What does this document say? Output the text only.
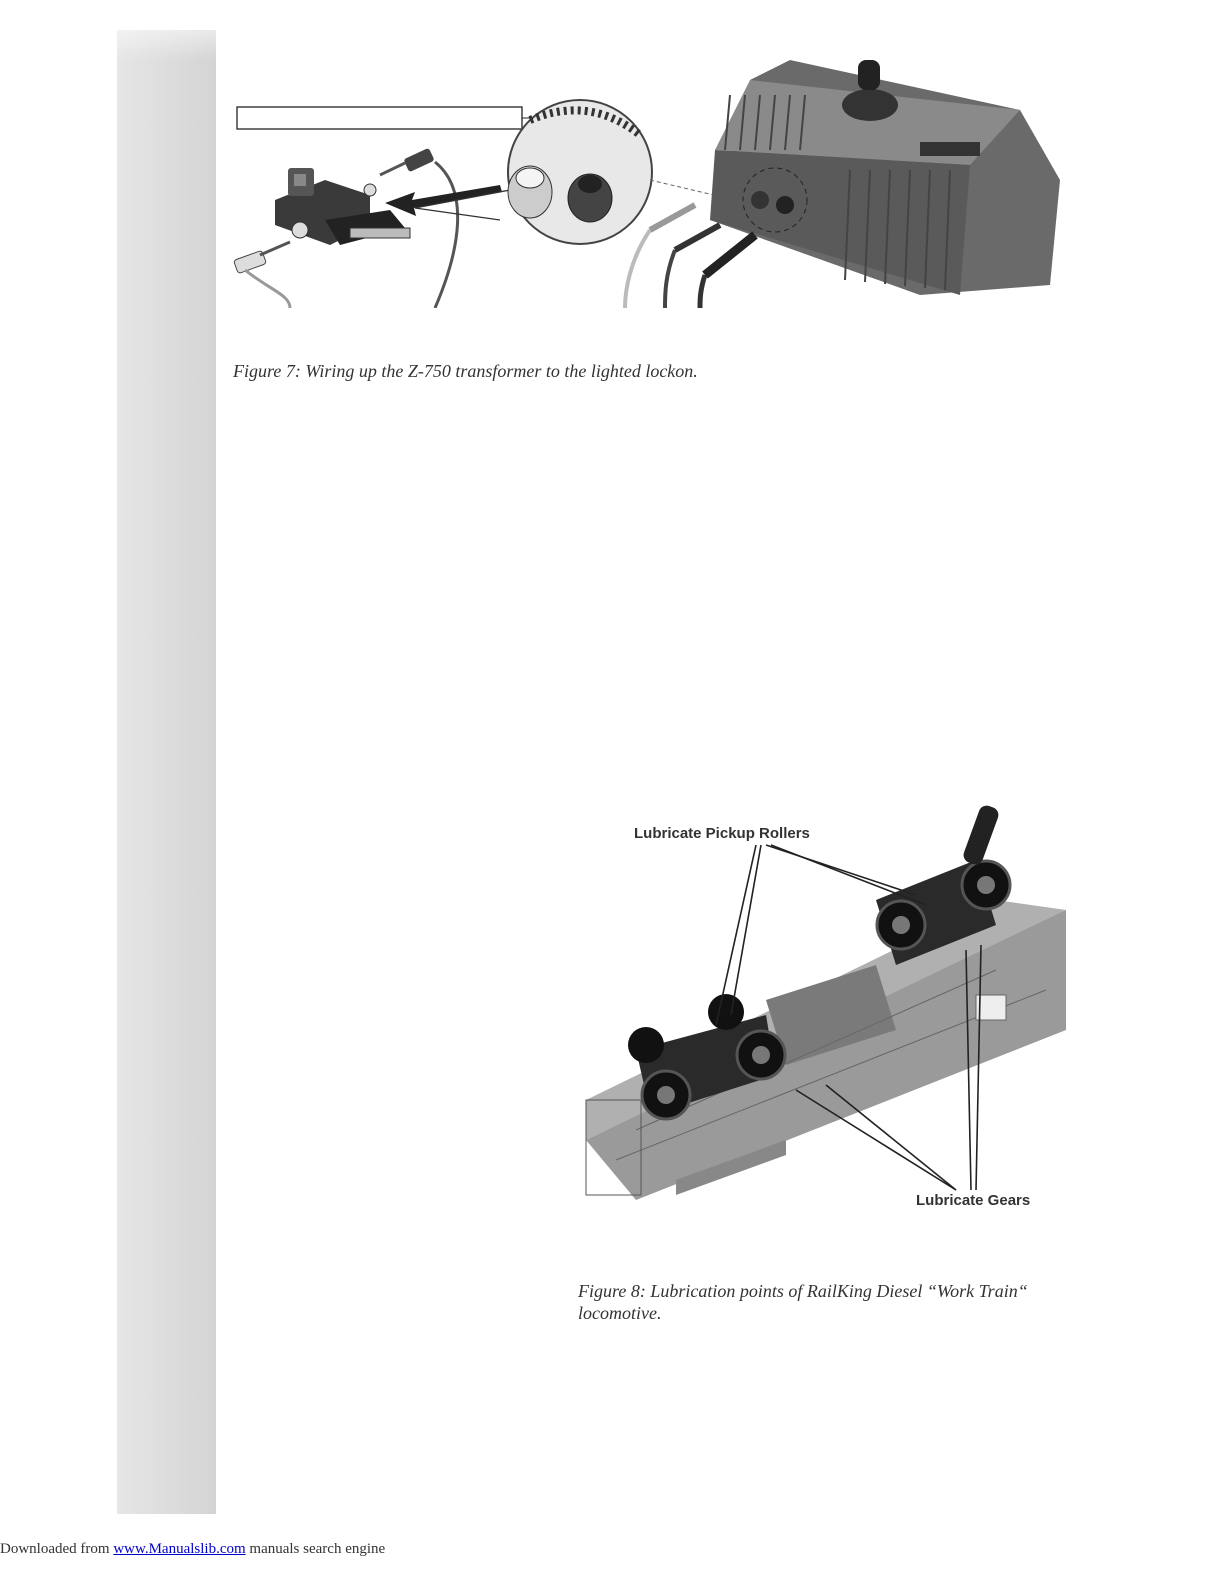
Figure 7: Wiring up the Z-750 transformer to the lighted lockon.
Lubricate Pickup Rollers
Lubricate Gears
Figure 8: Lubrication points of RailKing Diesel “Work Train“
locomotive.
Downloaded from www.Manualslib.com manuals search engine
